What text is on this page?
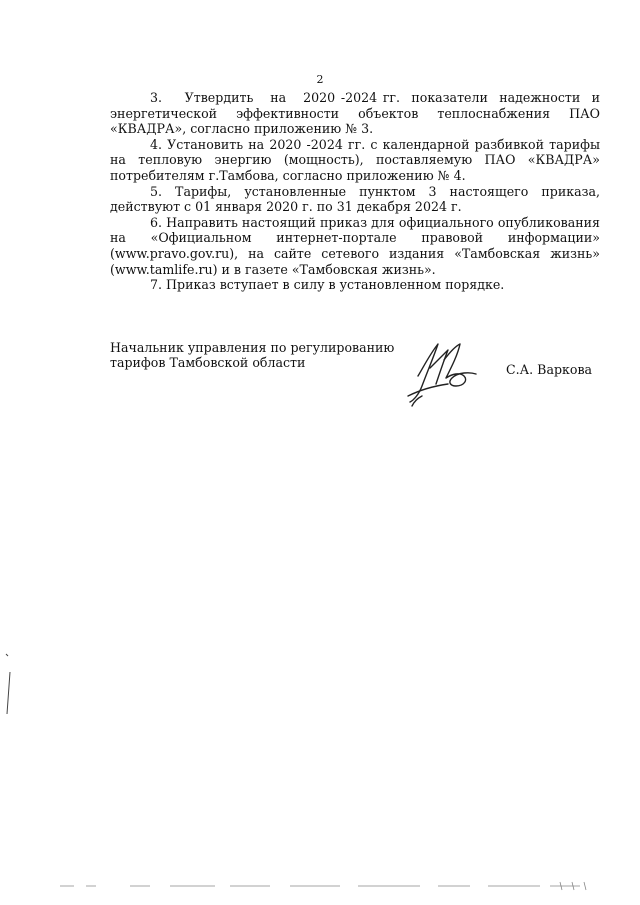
2

3.    Утвердить   на   2020 -2024 гг.  показатели  надежности  и энергетической эффективности объектов теплоснабжения ПАО «КВАДРА», согласно приложению № 3.

4. Установить на 2020 -2024 гг. с календарной разбивкой тарифы на тепловую энергию (мощность), поставляемую ПАО «КВАДРА» потребителям г.Тамбова, согласно приложению № 4.

5. Тарифы, установленные пунктом 3 настоящего приказа, действуют с 01 января 2020 г. по 31 декабря 2024 г.

6. Направить настоящий приказ для официального опубликования на «Официальном интернет-портале правовой информации» (www.pravo.gov.ru), на сайте сетевого издания «Тамбовская жизнь» (www.tamlife.ru) и в газете «Тамбовская жизнь».

7. Приказ вступает в силу в установленном порядке.

Начальник управления по регулированию
тарифов Тамбовской области	С.А. Варкова
